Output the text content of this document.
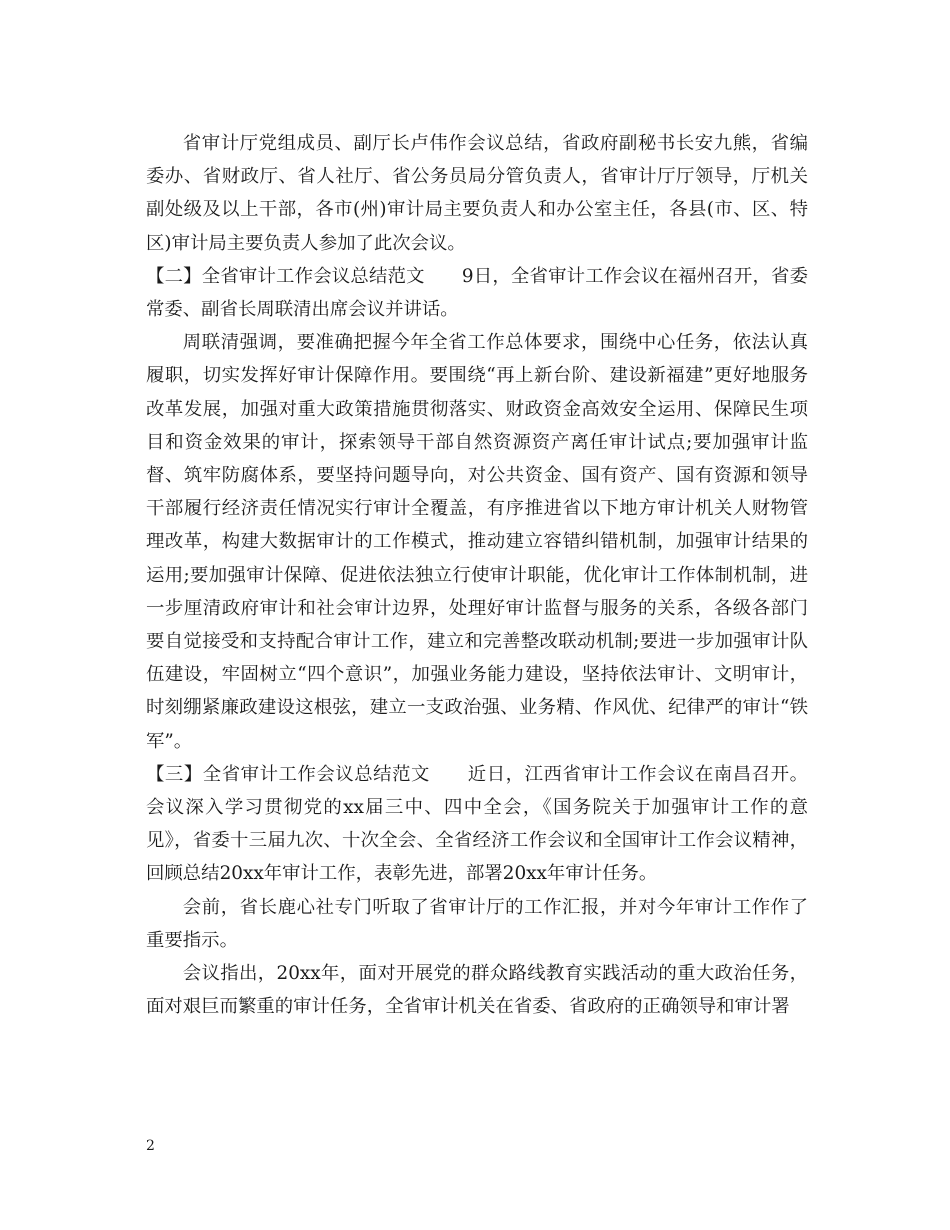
省审计厅党组成员、副厅长卢伟作会议总结，省政府副秘书长安九熊，省编委办、省财政厅、省人社厅、省公务员局分管负责人，省审计厅厅领导，厅机关副处级及以上干部，各市(州)审计局主要负责人和办公室主任，各县(市、区、特区)审计局主要负责人参加了此次会议。

【二】全省审计工作会议总结范文　　9日，全省审计工作会议在福州召开，省委常委、副省长周联清出席会议并讲话。

周联清强调，要准确把握今年全省工作总体要求，围绕中心任务，依法认真履职，切实发挥好审计保障作用。要围绕“再上新台阶、建设新福建”更好地服务改革发展，加强对重大政策措施贯彻落实、财政资金高效安全运用、保障民生项目和资金效果的审计，探索领导干部自然资源资产离任审计试点;要加强审计监督、筑牢防腐体系，要坚持问题导向，对公共资金、国有资产、国有资源和领导干部履行经济责任情况实行审计全覆盖，有序推进省以下地方审计机关人财物管理改革，构建大数据审计的工作模式，推动建立容错纠错机制，加强审计结果的运用;要加强审计保障、促进依法独立行使审计职能，优化审计工作体制机制，进一步厘清政府审计和社会审计边界，处理好审计监督与服务的关系，各级各部门要自觉接受和支持配合审计工作，建立和完善整改联动机制;要进一步加强审计队伍建设，牢固树立“四个意识”，加强业务能力建设，坚持依法审计、文明审计，时刻绷紧廉政建设这根弦，建立一支政治强、业务精、作风优、纪律严的审计“铁军”。

【三】全省审计工作会议总结范文　　近日，江西省审计工作会议在南昌召开。会议深入学习贯彻党的xx届三中、四中全会，《国务院关于加强审计工作的意见》，省委十三届九次、十次全会、全省经济工作会议和全国审计工作会议精神，回顾总结20xx年审计工作，表彰先进，部署20xx年审计任务。

会前，省长鹿心社专门听取了省审计厅的工作汇报，并对今年审计工作作了重要指示。

会议指出，20xx年，面对开展党的群众路线教育实践活动的重大政治任务，面对艰巨而繁重的审计任务，全省审计机关在省委、省政府的正确领导和审计署

2
